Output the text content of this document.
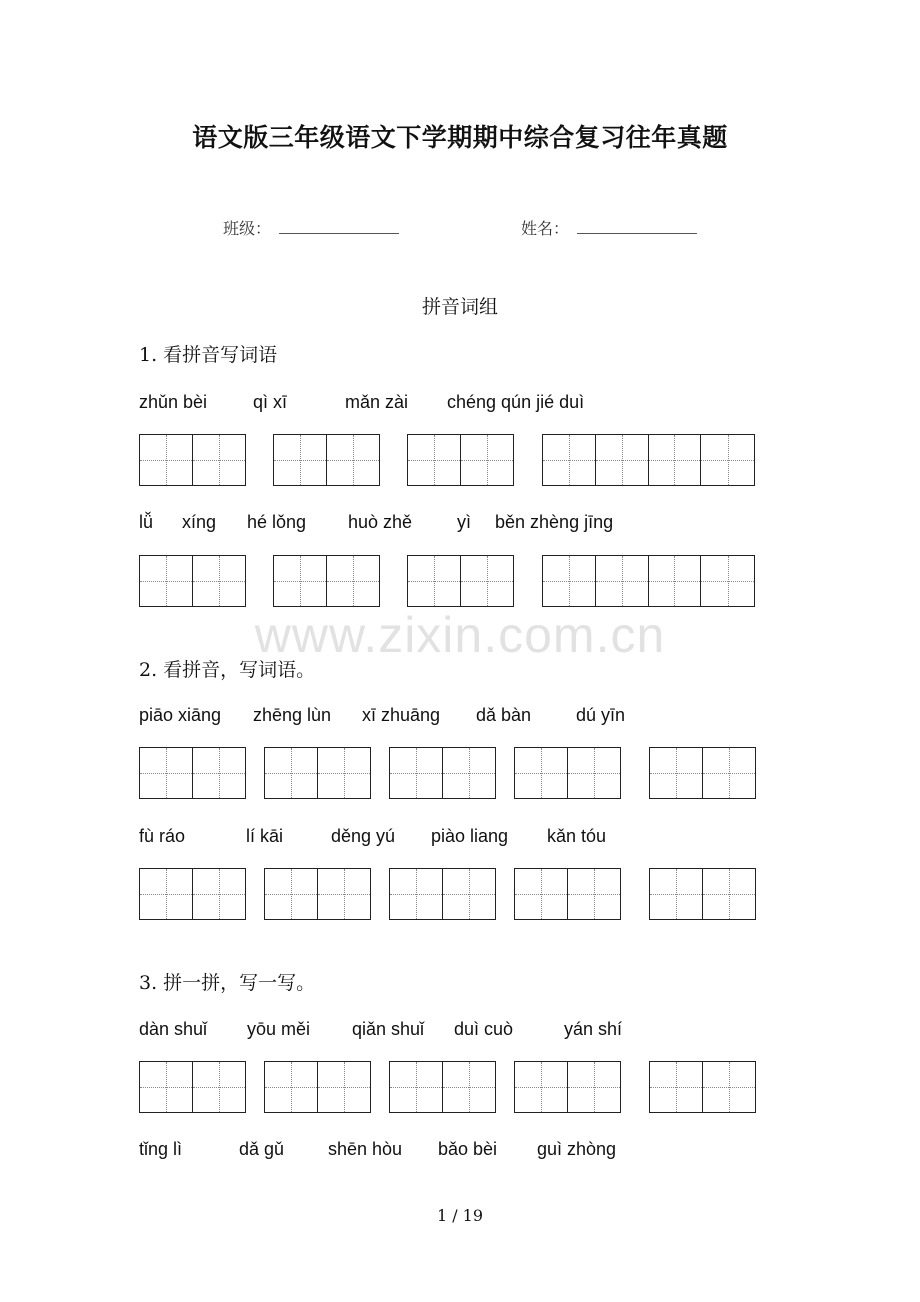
语文版三年级语文下学期期中综合复习往年真题
班级：	姓名：
拼音词组
1. 看拼音写词语
zhǔn bèi	qì xī	mǎn zài chéng qún jié duì
lǚ xíng hé lǒng huò zhě yì běn zhèng jīng
www.zixin.com.cn
2. 看拼音，写词语。
piāo xiāng zhēng lùn xī zhuāng dǎ bàn dú yīn
fù ráo	lí kāi	děng yú piào liang kǎn tóu
3. 拼一拼，写一写。
dàn shuǐ yōu měi qiǎn shuǐ duì cuò	yán shí
tǐng lì	dǎ gǔ shēn hòu bǎo bèi guì zhòng
1 / 19
